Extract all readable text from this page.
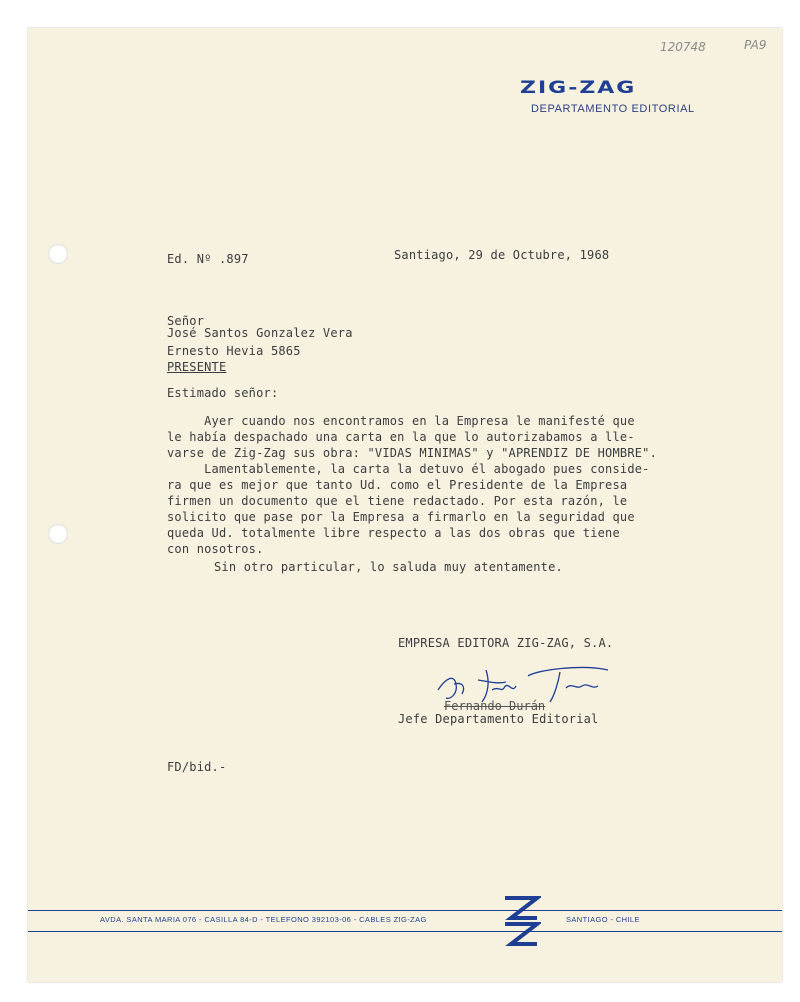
120748	PA9
ZIG-ZAG
DEPARTAMENTO EDITORIAL
Ed. Nº .897	Santiago, 29 de Octubre, 1968
Señor
José Santos Gonzalez Vera
Ernesto Hevia 5865
PRESENTE
Estimado señor:
Ayer cuando nos encontramos en la Empresa le manifesté que
le había despachado una carta en la que lo autorizabamos a lle-
varse de Zig-Zag sus obra: "VIDAS MINIMAS" y "APRENDIZ DE HOMBRE".
Lamentablemente, la carta la detuvo él abogado pues conside-
ra que es mejor que tanto Ud. como el Presidente de la Empresa
firmen un documento que el tiene redactado. Por esta razón, le
solicito que pase por la Empresa a firmarlo en la seguridad que
queda Ud. totalmente libre respecto a las dos obras que tiene
con nosotros.
Sin otro particular, lo saluda muy atentamente.
EMPRESA EDITORA ZIG-ZAG, S.A.
Fernando Durán
Jefe Departamento Editorial
FD/bid.-
AVDA. SANTA MARIA 076 - CASILLA 84-D - TELEFONO 392103-06 - CABLES ZIG-ZAG	SANTIAGO - CHILE
